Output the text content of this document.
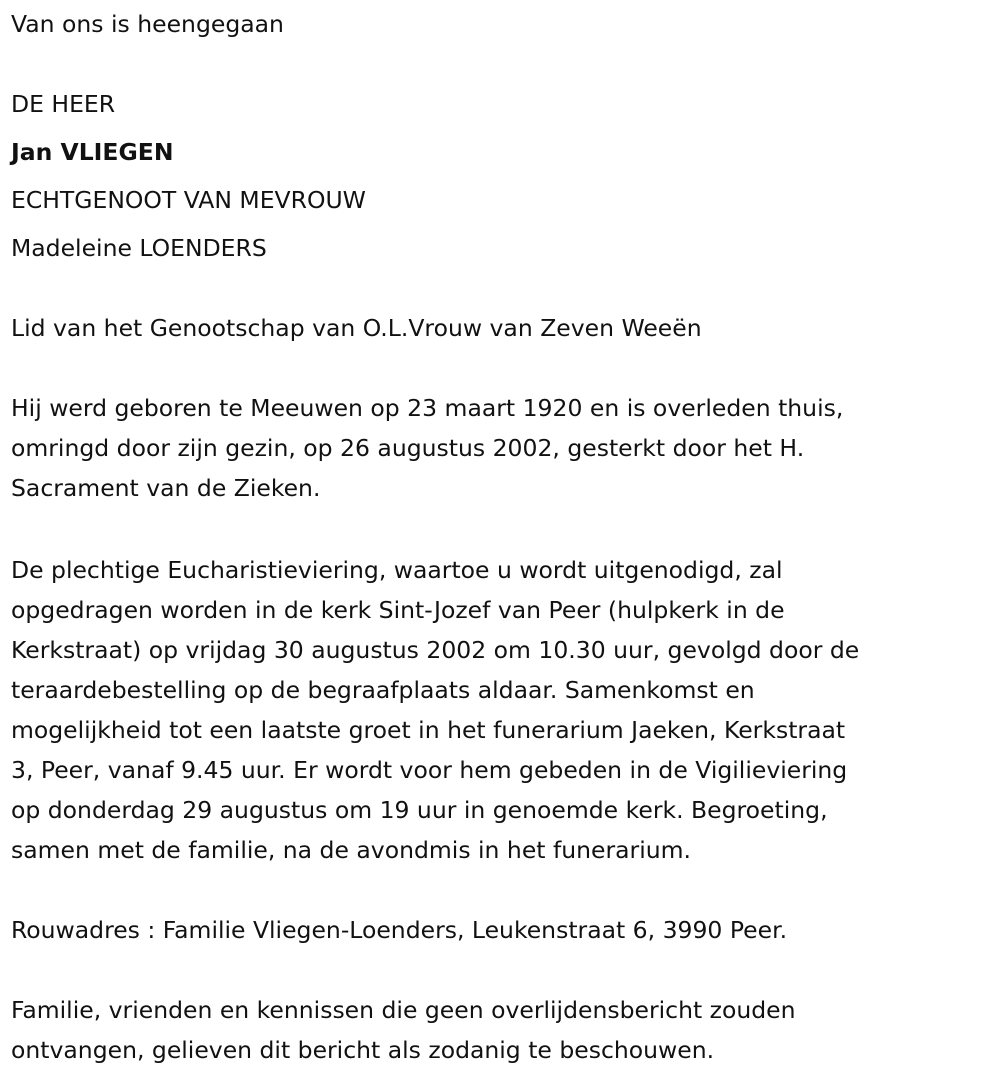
Van ons is heengegaan
DE HEER
Jan VLIEGEN
ECHTGENOOT VAN MEVROUW
Madeleine LOENDERS
Lid van het Genootschap van O.L.Vrouw van Zeven Weeën
Hij werd geboren te Meeuwen op 23 maart 1920 en is overleden thuis,
omringd door zijn gezin, op 26 augustus 2002, gesterkt door het H.
Sacrament van de Zieken.
De plechtige Eucharistieviering, waartoe u wordt uitgenodigd, zal
opgedragen worden in de kerk Sint-Jozef van Peer (hulpkerk in de
Kerkstraat) op vrijdag 30 augustus 2002 om 10.30 uur, gevolgd door de
teraardebestelling op de begraafplaats aldaar. Samenkomst en
mogelijkheid tot een laatste groet in het funerarium Jaeken, Kerkstraat
3, Peer, vanaf 9.45 uur. Er wordt voor hem gebeden in de Vigilieviering
op donderdag 29 augustus om 19 uur in genoemde kerk. Begroeting,
samen met de familie, na de avondmis in het funerarium.
Rouwadres : Familie Vliegen-Loenders, Leukenstraat 6, 3990 Peer.
Familie, vrienden en kennissen die geen overlijdensbericht zouden
ontvangen, gelieven dit bericht als zodanig te beschouwen.
